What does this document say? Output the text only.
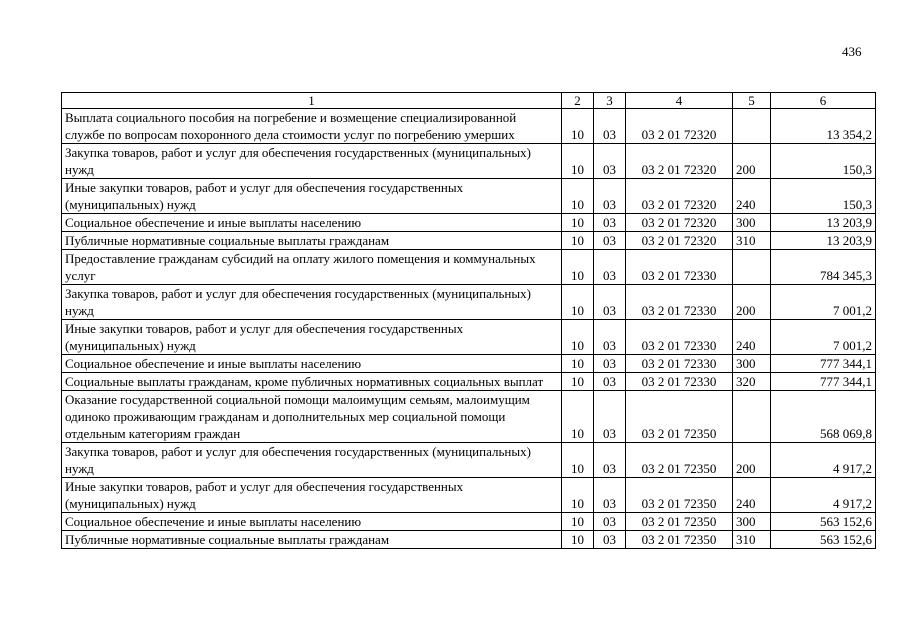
436
1	2	3	4	5	6
Выплата социального пособия на погребение и возмещение специализированной службе по вопросам похоронного дела стоимости услуг по погребению умерших	10	03	03 2 01 72320		13 354,2
Закупка товаров, работ и услуг для обеспечения государственных (муниципальных) нужд	10	03	03 2 01 72320	200	150,3
Иные закупки товаров, работ и услуг для обеспечения государственных (муниципальных) нужд	10	03	03 2 01 72320	240	150,3
Социальное обеспечение и иные выплаты населению	10	03	03 2 01 72320	300	13 203,9
Публичные нормативные социальные выплаты гражданам	10	03	03 2 01 72320	310	13 203,9
Предоставление гражданам субсидий на оплату жилого помещения и коммунальных услуг	10	03	03 2 01 72330		784 345,3
Закупка товаров, работ и услуг для обеспечения государственных (муниципальных) нужд	10	03	03 2 01 72330	200	7 001,2
Иные закупки товаров, работ и услуг для обеспечения государственных (муниципальных) нужд	10	03	03 2 01 72330	240	7 001,2
Социальное обеспечение и иные выплаты населению	10	03	03 2 01 72330	300	777 344,1
Социальные выплаты гражданам, кроме публичных нормативных социальных выплат	10	03	03 2 01 72330	320	777 344,1
Оказание государственной социальной помощи малоимущим семьям, малоимущим одиноко проживающим гражданам и дополнительных мер социальной помощи отдельным категориям граждан	10	03	03 2 01 72350		568 069,8
Закупка товаров, работ и услуг для обеспечения государственных (муниципальных) нужд	10	03	03 2 01 72350	200	4 917,2
Иные закупки товаров, работ и услуг для обеспечения государственных (муниципальных) нужд	10	03	03 2 01 72350	240	4 917,2
Социальное обеспечение и иные выплаты населению	10	03	03 2 01 72350	300	563 152,6
Публичные нормативные социальные выплаты гражданам	10	03	03 2 01 72350	310	563 152,6
